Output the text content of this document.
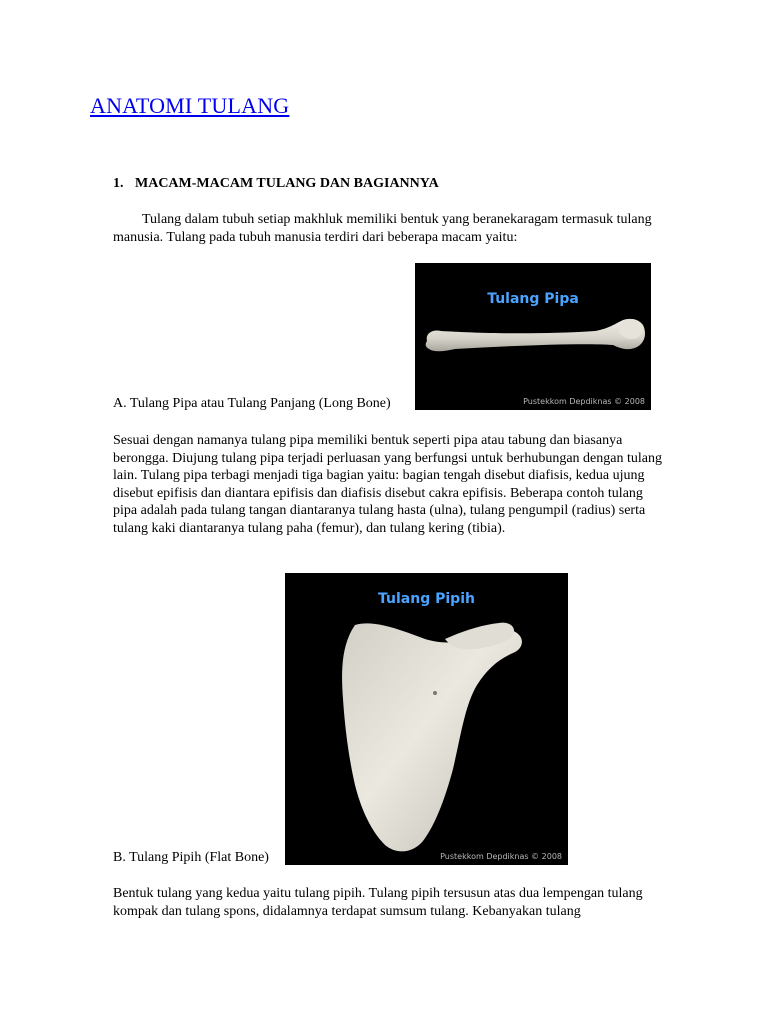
ANATOMI TULANG
1. MACAM-MACAM TULANG DAN BAGIANNYA

Tulang dalam tubuh setiap makhluk memiliki bentuk yang beranekaragam termasuk tulang manusia. Tulang pada tubuh manusia terdiri dari beberapa macam yaitu:

Tulang Pipa
Pustekkom Depdiknas © 2008

A. Tulang Pipa atau Tulang Panjang (Long Bone)

Sesuai dengan namanya tulang pipa memiliki bentuk seperti pipa atau tabung dan biasanya berongga. Diujung tulang pipa terjadi perluasan yang berfungsi untuk berhubungan dengan tulang lain. Tulang pipa terbagi menjadi tiga bagian yaitu: bagian tengah disebut diafisis, kedua ujung disebut epifisis dan diantara epifisis dan diafisis disebut cakra epifisis. Beberapa contoh tulang pipa adalah pada tulang tangan diantaranya tulang hasta (ulna), tulang pengumpil (radius) serta tulang kaki diantaranya tulang paha (femur), dan tulang kering (tibia).

Tulang Pipih
Pustekkom Depdiknas © 2008

B. Tulang Pipih (Flat Bone)

Bentuk tulang yang kedua yaitu tulang pipih. Tulang pipih tersusun atas dua lempengan tulang kompak dan tulang spons, didalamnya terdapat sumsum tulang. Kebanyakan tulang
